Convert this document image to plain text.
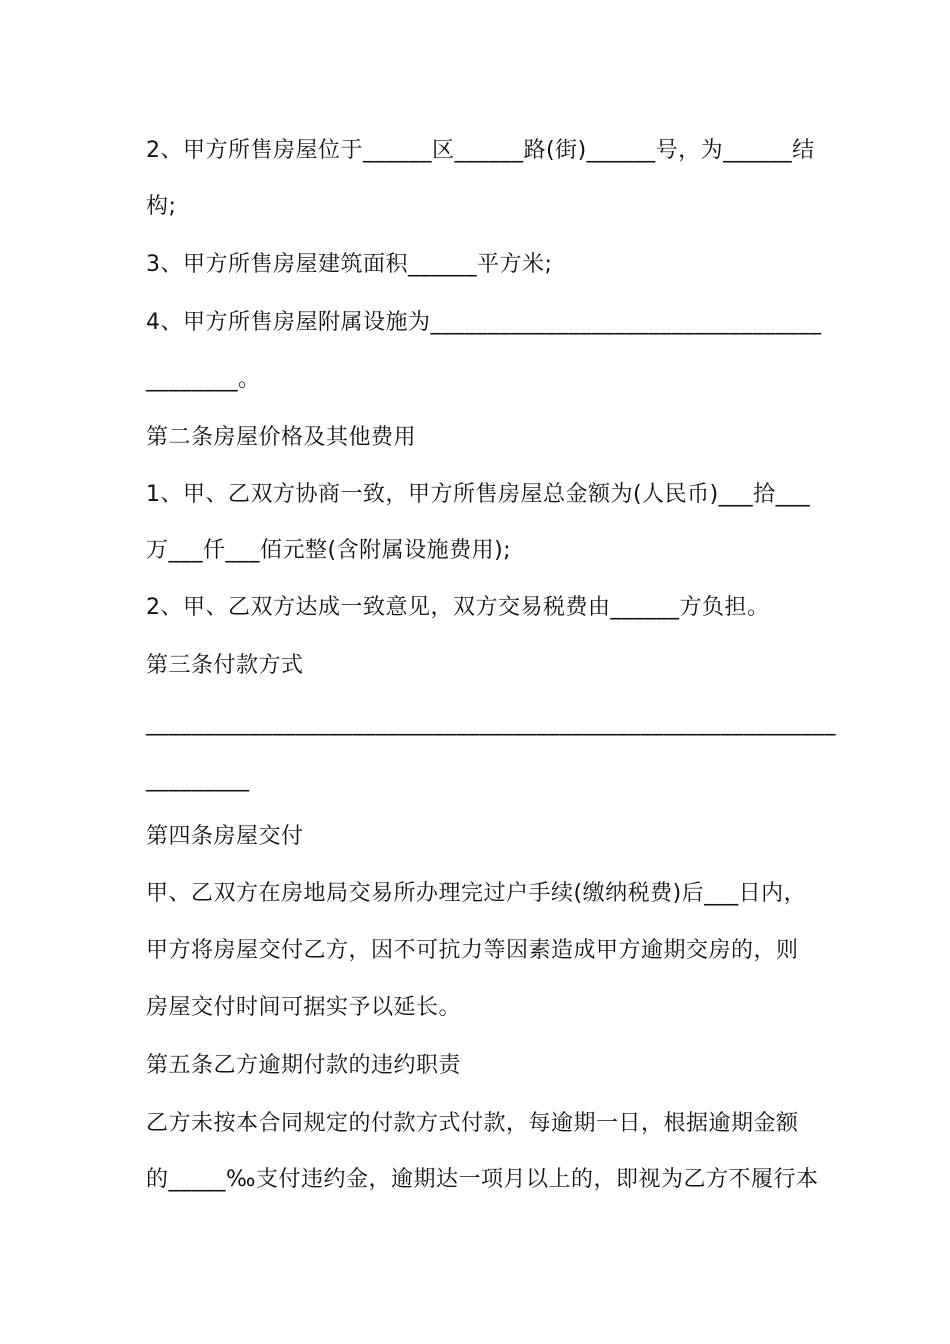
2、甲方所售房屋位于______区______路(街)______号，为______结
构;
3、甲方所售房屋建筑面积______平方米;
4、甲方所售房屋附属设施为__________________________________
________。
第二条房屋价格及其他费用
1、甲、乙双方协商一致，甲方所售房屋总金额为(人民币)___拾___
万___仟___佰元整(含附属设施费用);
2、甲、乙双方达成一致意见，双方交易税费由______方负担。
第三条付款方式
____________________________________________________________
_________
第四条房屋交付
甲、乙双方在房地局交易所办理完过户手续(缴纳税费)后___日内，
甲方将房屋交付乙方，因不可抗力等因素造成甲方逾期交房的，则
房屋交付时间可据实予以延长。
第五条乙方逾期付款的违约职责
乙方未按本合同规定的付款方式付款，每逾期一日，根据逾期金额
的_____‰支付违约金，逾期达一项月以上的，即视为乙方不履行本
